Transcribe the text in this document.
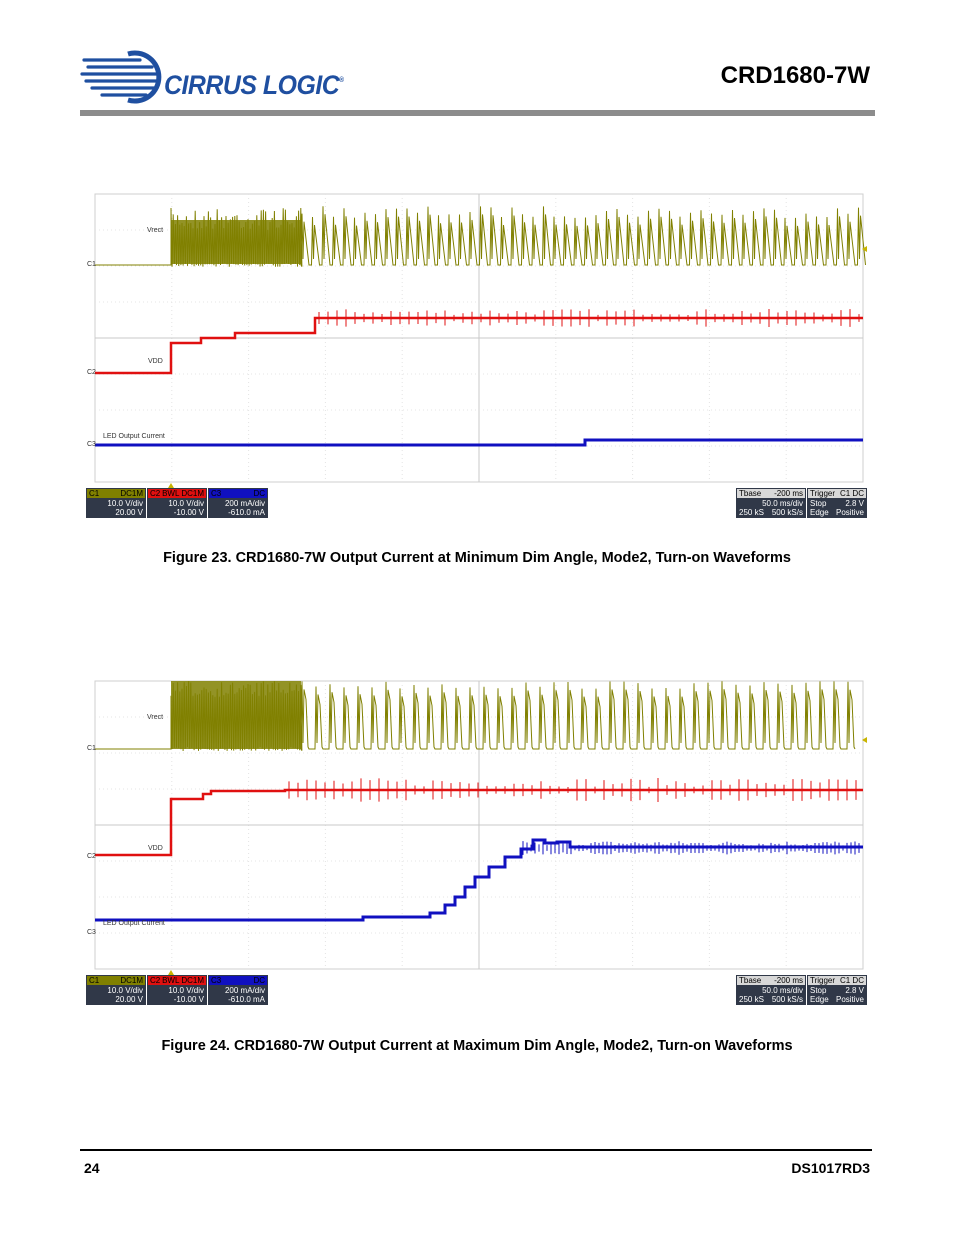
CIRRUS LOGIC®	CRD1680-7W
Vrect
VDD
LED Output Current
C1
C2
C3
C1	DC1M
10.0 V/div
20.00 V
C2 BWL DC1M
10.0 V/div
-10.00 V
C3	DC
200 mA/div
-610.0 mA
Tbase -200 ms
50.0 ms/div
250 kS 500 kS/s
Trigger C1 DC
Stop 2.8 V
Edge Positive
Figure 23. CRD1680-7W Output Current at Minimum Dim Angle, Mode2, Turn-on Waveforms
Vrect
VDD
LED Output Current
C1
C2
C3
C1	DC1M
10.0 V/div
20.00 V
C2 BWL DC1M
10.0 V/div
-10.00 V
C3	DC
200 mA/div
-610.0 mA
Tbase -200 ms
50.0 ms/div
250 kS 500 kS/s
Trigger C1 DC
Stop 2.8 V
Edge Positive
Figure 24. CRD1680-7W Output Current at Maximum Dim Angle, Mode2, Turn-on Waveforms
24	DS1017RD3
